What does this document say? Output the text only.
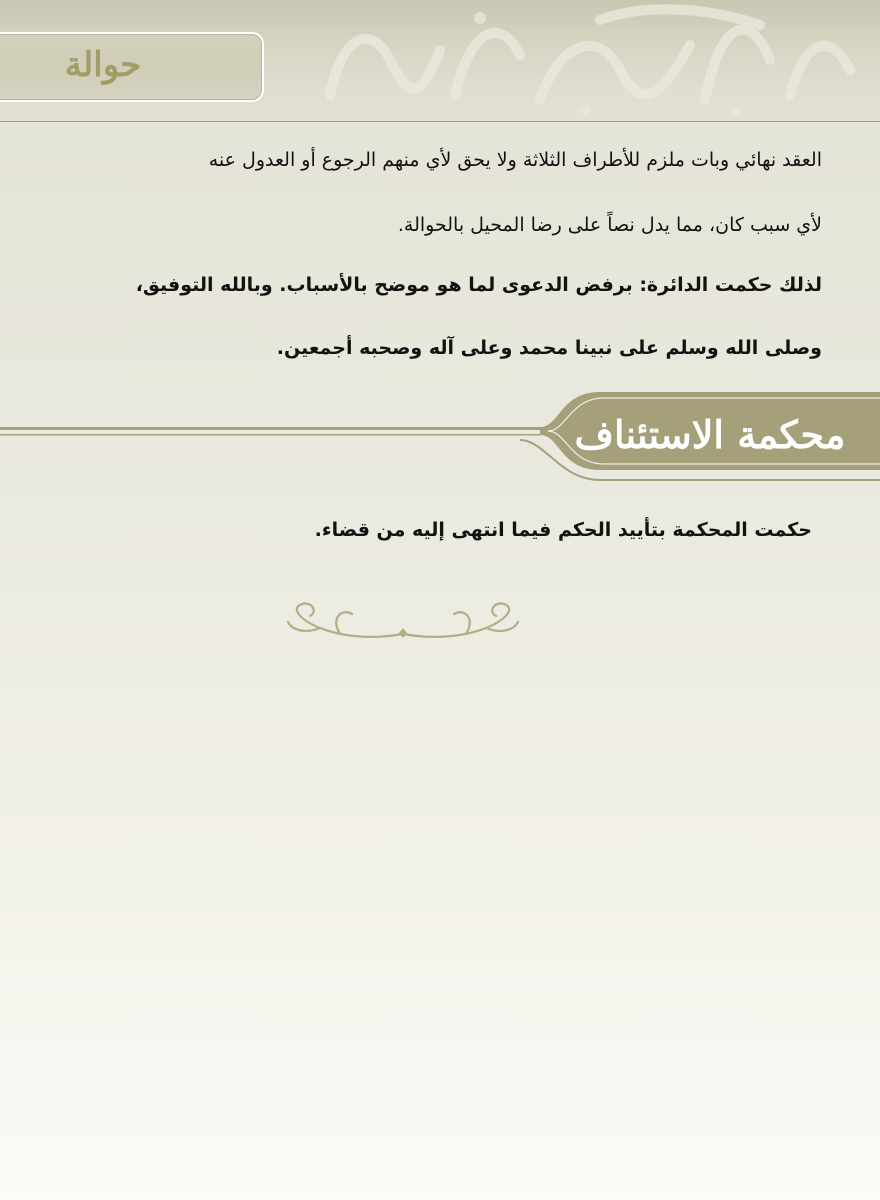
حوالة

العقد نهائي وبات ملزم للأطراف الثلاثة ولا يحق لأي منهم الرجوع أو العدول عنه

لأي سبب كان، مما يدل نصاً على رضا المحيل بالحوالة.

لذلك حكمت الدائرة: برفض الدعوى لما هو موضح بالأسباب. وبالله التوفيق،

وصلى الله وسلم على نبينا محمد وعلى آله وصحبه أجمعين.

محكمة الاستئناف

حكمت المحكمة بتأييد الحكم فيما انتهى إليه من قضاء.
